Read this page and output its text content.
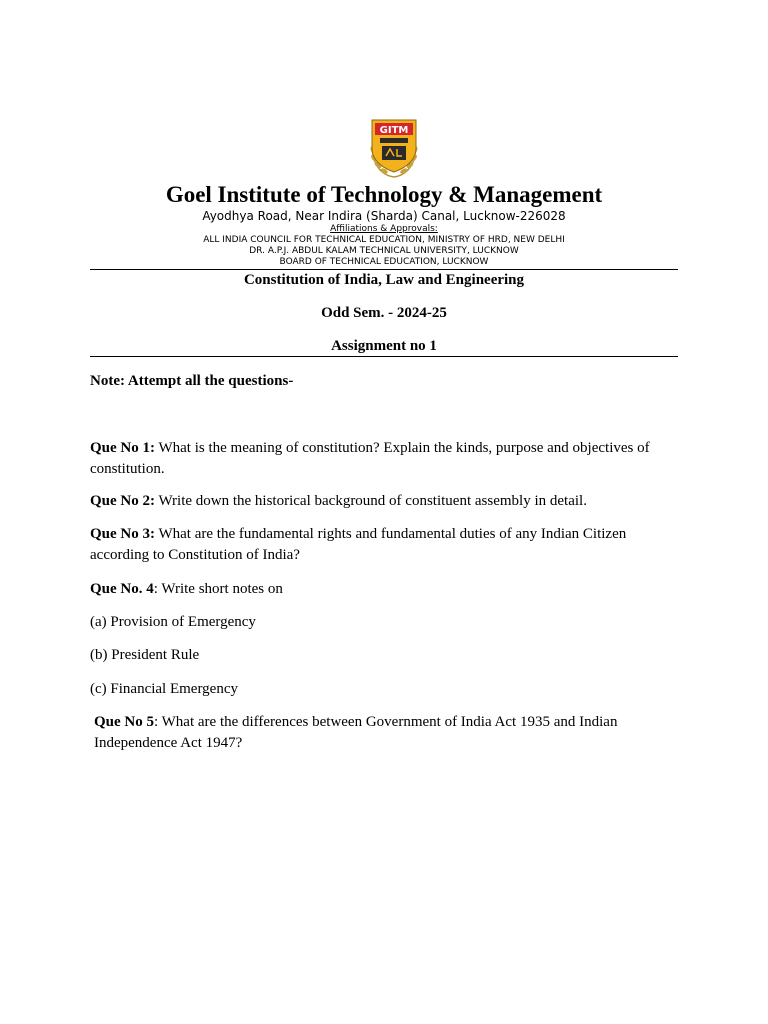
GITM
Goel Institute of Technology & Management
Ayodhya Road, Near Indira (Sharda) Canal, Lucknow-226028
Affiliations & Approvals:
ALL INDIA COUNCIL FOR TECHNICAL EDUCATION, MINISTRY OF HRD, NEW DELHI
DR. A.P.J. ABDUL KALAM TECHNICAL UNIVERSITY, LUCKNOW
BOARD OF TECHNICAL EDUCATION, LUCKNOW
Constitution of India, Law and Engineering
Odd Sem. - 2024-25
Assignment no 1
Note: Attempt all the questions-
Que No 1: What is the meaning of constitution? Explain the kinds, purpose and objectives of constitution.
Que No 2: Write down the historical background of constituent assembly in detail.
Que No 3: What are the fundamental rights and fundamental duties of any Indian Citizen according to Constitution of India?
Que No. 4: Write short notes on
(a) Provision of Emergency
(b) President Rule
(c) Financial Emergency
Que No 5: What are the differences between Government of India Act 1935 and Indian Independence Act 1947?
